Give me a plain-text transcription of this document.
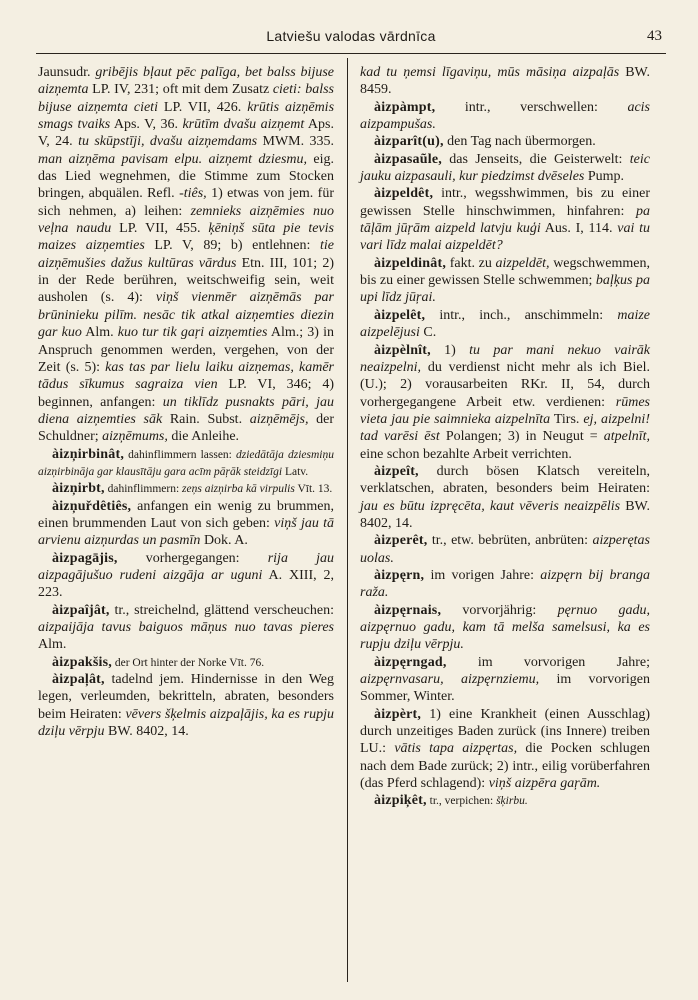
Latviešu valodas vārdnīca	43

Jaunsudr. gribējis bļaut pēc palīga, bet balss bijuse aizņemta LP. IV, 231; oft mit dem Zusatz cieti: balss bijuse aizņemta cieti LP. VII, 426. krūtis aizņēmis smags tvaiks Aps. V, 36. krūtīm dvašu aizņemt Aps. V, 24. tu skūpstīji, dvašu aizņemdams MWM. 335. man aizņēma pavisam elpu. aizņemt dziesmu, eig. das Lied wegnehmen, die Stimme zum Stocken bringen, abquälen. Refl. -tiês, 1) etwas von jem. für sich nehmen, a) leihen: zemnieks aizņēmies nuo veļna naudu LP. VII, 455. ķēniņš sūta pie tevis maizes aizņemties LP. V, 89; b) entlehnen: tie aizņēmušies dažus kultūras vārdus Etn. III, 101; 2) in der Rede berühren, weitschweifig sein, weit ausholen (s. 4): viņš vienmēr aizņēmās par brūninieku pilīm. nesāc tik atkal aizņemties diezin gar kuo Alm. kuo tur tik gaŗi aizņemties Alm.; 3) in Anspruch genommen werden, vergehen, von der Zeit (s. 5): kas tas par lielu laiku aizņemas, kamēr tādus sīkumus sagraiza vien LP. VI, 346; 4) beginnen, anfangen: un tiklīdz pusnakts pāri, jau diena aizņemties sāk Rain. Subst. aizņēmējs, der Schuldner; aizņēmums, die Anleihe.

àizņirbinât, dahinflimmern lassen: dziedātāja dziesmiņu aizņirbināja gar klausītāju gara acīm pāŗāk steidzīgi Latv.

àizņirbt, dahinflimmern: zeņs aizņirba kā virpulis Vīt. 13.

àizņuřdêtiês, anfangen ein wenig zu brummen, einen brummenden Laut von sich geben: viņš jau tā arvienu aizņurdas un pasmīn Dok. A.

àizpagājis, vorhergegangen: rija jau aizpagājušuo rudeni aizgāja ar uguni A. XIII, 2, 223.

àizpaîjât, tr., streichelnd, glättend verscheuchen: aizpaijāja tavus baiguos māņus nuo tavas pieres Alm.

àizpakšis, der Ort hinter der Norke Vīt. 76.

àizpaļât, tadelnd jem. Hindernisse in den Weg legen, verleumden, bekritteln, abraten, besonders beim Heiraten: vēvers šķelmis aizpaļājis, ka es rupju dziļu vērpju BW. 8402, 14.

kad tu ņemsi līgaviņu, mūs māsiņa aizpaļās BW. 8459.

àizpàmpt, intr., verschwellen: acis aizpampušas.

àizparît(u), den Tag nach übermorgen.

àizpasaũle, das Jenseits, die Geisterwelt: teic jauku aizpasauli, kur piedzimst dvēseles Pump.

àizpeldêt, intr., wegsshwimmen, bis zu einer gewissen Stelle hinschwimmen, hinfahren: pa tāļām jūŗām aizpeld latvju kuģi Aus. I, 114. vai tu vari līdz malai aizpeldēt?

àizpeldinât, fakt. zu aizpeldēt, wegschwemmen, bis zu einer gewissen Stelle schwemmen; baļķus pa upi līdz jūŗai.

àizpelêt, intr., inch., anschimmeln: maize aizpelējusi C.

àizpèlnît, 1) tu par mani nekuo vairāk neaizpelni, du verdienst nicht mehr als ich Biel. (U.); 2) vorausarbeiten RKr. II, 54, durch vorhergegangene Arbeit etw. verdienen: rūmes vieta jau pie saimnieka aizpelnīta Tirs. ej, aizpelni! tad varēsi ēst Polangen; 3) in Neugut = atpelnīt, eine schon bezahlte Arbeit verrichten.

àizpeît, durch bösen Klatsch vereiteln, verklatschen, abraten, besonders beim Heiraten: jau es būtu izpręcēta, kaut vēveris neaizpēlis BW. 8402, 14.

àizperêt, tr., etw. bebrüten, anbrüten: aizperętas uolas.

àizpęrn, im vorigen Jahre: aizpęrn bij branga raža.

àizpęrnais, vorvorjährig: pęrnuo gadu, aizpęrnuo gadu, kam tā melša samelsusi, ka es rupju dziļu vērpju.

àizpęrngad, im vorvorigen Jahre; aizpęrnvasaru, aizpęrnziemu, im vorvorigen Sommer, Winter.

àizpèrt, 1) eine Krankheit (einen Ausschlag) durch unzeitiges Baden zurück (ins Innere) treiben LU.: vātis tapa aizpęrtas, die Pocken schlugen nach dem Bade zurück; 2) intr., eilig vorüberfahren (das Pferd schlagend): viņš aizpēra gaŗām.

àizpiķêt, tr., verpichen: šķirbu.
